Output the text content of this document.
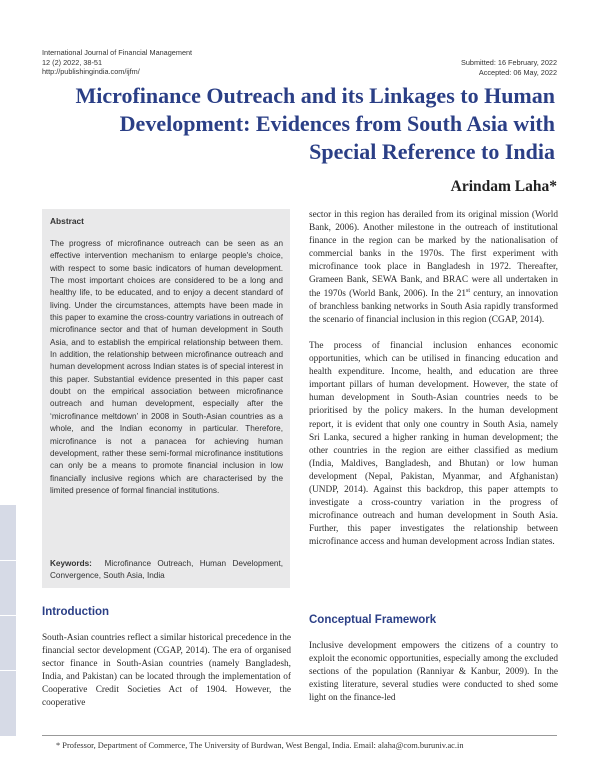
International Journal of Financial Management
12 (2) 2022, 38-51
http://publishingindia.com/ijfm/
Submitted: 16 February, 2022
Accepted: 06 May, 2022
Microfinance Outreach and its Linkages to Human
Development: Evidences from South Asia with
Special Reference to India
Arindam Laha*
Abstract

The progress of microfinance outreach can be seen as an effective intervention mechanism to enlarge people's choice, with respect to some basic indicators of human development. The most important choices are considered to be a long and healthy life, to be educated, and to enjoy a decent standard of living. Under the circumstances, attempts have been made in this paper to examine the cross-country variations in outreach of microfinance sector and that of human development in South Asia, and to establish the empirical relationship between them. In addition, the relationship between microfinance outreach and human development across Indian states is of special interest in this paper. Substantial evidence presented in this paper cast doubt on the empirical association between microfinance outreach and human development, especially after the ‘microfinance meltdown’ in 2008 in South-Asian countries as a whole, and the Indian economy in particular. Therefore, microfinance is not a panacea for achieving human development, rather these semi-formal microfinance institutions can only be a means to promote financial inclusion in low financially inclusive regions which are characterised by the limited presence of formal financial institutions.

Keywords: Microfinance Outreach, Human Development, Convergence, South Asia, India

Introduction

South-Asian countries reflect a similar historical precedence in the financial sector development (CGAP, 2014). The era of organised sector finance in South-Asian countries (namely Bangladesh, India, and Pakistan) can be located through the implementation of Cooperative Credit Societies Act of 1904. However, the cooperative

sector in this region has derailed from its original mission (World Bank, 2006). Another milestone in the outreach of institutional finance in the region can be marked by the nationalisation of commercial banks in the 1970s. The first experiment with microfinance took place in Bangladesh in 1972. Thereafter, Grameen Bank, SEWA Bank, and BRAC were all undertaken in the 1970s (World Bank, 2006). In the 21st century, an innovation of branchless banking networks in South Asia rapidly transformed the scenario of financial inclusion in this region (CGAP, 2014).

The process of financial inclusion enhances economic opportunities, which can be utilised in financing education and health expenditure. Income, health, and education are three important pillars of human development. However, the state of human development in South-Asian countries needs to be prioritised by the policy makers. In the human development report, it is evident that only one country in South Asia, namely Sri Lanka, secured a higher ranking in human development; the other countries in the region are either classified as medium (India, Maldives, Bangladesh, and Bhutan) or low human development (Nepal, Pakistan, Myanmar, and Afghanistan) (UNDP, 2014). Against this backdrop, this paper attempts to investigate a cross-country variation in the progress of microfinance outreach and human development in South Asia. Further, this paper investigates the relationship between microfinance access and human development across Indian states.

Conceptual Framework

Inclusive development empowers the citizens of a country to exploit the economic opportunities, especially among the excluded sections of the population (Ranniyar & Kanbur, 2009). In the existing literature, several studies were conducted to shed some light on the finance-led

* Professor, Department of Commerce, The University of Burdwan, West Bengal, India. Email: alaha@com.buruniv.ac.in
